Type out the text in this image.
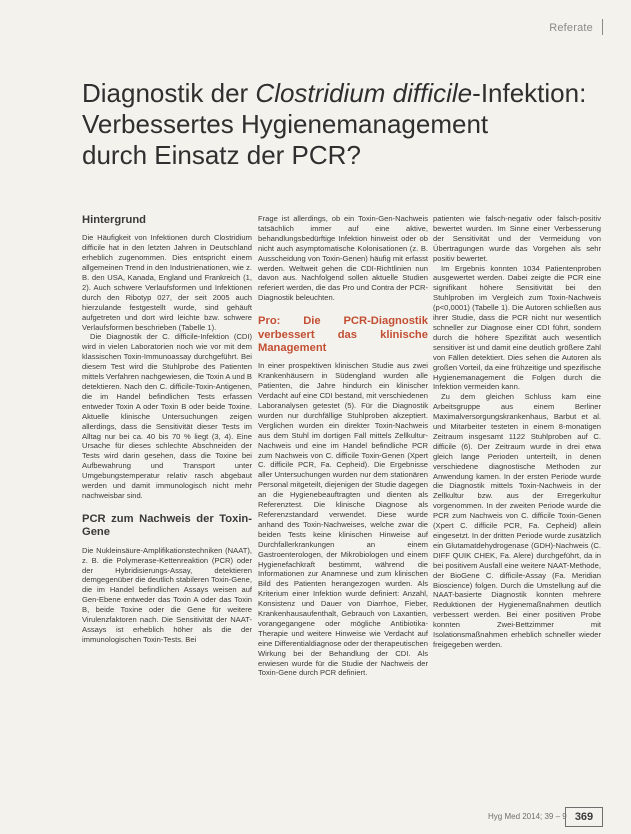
Referate
Diagnostik der Clostridium difficile-Infektion:
Verbessertes Hygienemanagement
durch Einsatz der PCR?
Hintergrund

Die Häufigkeit von Infektionen durch Clostridium difficile hat in den letzten Jahren in Deutschland erheblich zugenommen. Dies entspricht einem allgemeinen Trend in den Industrienationen, wie z. B. den USA, Kanada, England und Frankreich (1, 2). Auch schwere Verlaufsformen und Infektionen durch den Ribotyp 027, der seit 2005 auch hierzulande festgestellt wurde, sind gehäuft aufgetreten und dort wird leichte bzw. schwere Verlaufsformen beschrieben (Tabelle 1).

Die Diagnostik der C. difficile-Infektion (CDI) wird in vielen Laboratorien noch wie vor mit dem klassischen Toxin-Immunoassay durchgeführt. Bei diesem Test wird die Stuhlprobe des Patienten mittels Verfahren nachgewiesen, die Toxin A und B detektieren. Nach den C. difficile-Toxin-Antigenen, die im Handel befindlichen Tests erfassen entweder Toxin A oder Toxin B oder beide Toxine. Aktuelle klinische Untersuchungen zeigen allerdings, dass die Sensitivität dieser Tests im Alltag nur bei ca. 40 bis 70 % liegt (3, 4). Eine Ursache für dieses schlechte Abschneiden der Tests wird darin gesehen, dass die Toxine bei Aufbewahrung und Transport unter Umgebungstemperatur relativ rasch abgebaut werden und damit immunologisch nicht mehr nachweisbar sind.

PCR zum Nachweis der Toxin-Gene

Die Nukleinsäure-Amplifikationstechniken (NAAT), z. B. die Polymerase-Kettenreaktion (PCR) oder der Hybridisierungs-Assay, detektieren demgegenüber die deutlich stabileren Toxin-Gene, die im Handel befindlichen Assays weisen auf Gen-Ebene entweder das Toxin A oder das Toxin B, beide Toxine oder die Gene für weitere Virulenzfaktoren nach. Die Sensitivität der NAAT-Assays ist erheblich höher als die der immunologischen Toxin-Tests. Bei

Frage ist allerdings, ob ein Toxin-Gen-Nachweis tatsächlich immer auf eine aktive, behandlungsbedürftige Infektion hinweist oder ob nicht auch asymptomatische Kolonisationen (z. B. Ausscheidung von Toxin-Genen) häufig mit erfasst werden. Weltweit gehen die CDI-Richtlinien nun davon aus. Nachfolgend sollen aktuelle Studien referiert werden, die das Pro und Contra der PCR-Diagnostik beleuchten.

Pro: Die PCR-Diagnostik verbessert das klinische Management

In einer prospektiven klinischen Studie aus zwei Krankenhäusern in Südengland wurden alle Patienten, die Jahre hindurch ein klinischer Verdacht auf eine CDI bestand, mit verschiedenen Laboranalysen getestet (5). Für die Diagnostik wurden nur durchfällige Stuhlproben akzeptiert. Verglichen wurden ein direkter Toxin-Nachweis aus dem Stuhl im dortigen Fall mittels Zellkultur-Nachweis und eine im Handel befindliche PCR zum Nachweis von C. difficile Toxin-Genen (Xpert C. difficile PCR, Fa. Cepheid). Die Ergebnisse aller Untersuchungen wurden nur dem stationären Personal mitgeteilt, diejenigen der Studie dagegen an die Hygienebeauftragten und dienten als Referenztest. Die klinische Diagnose als Referenzstandard verwendet. Diese wurde anhand des Toxin-Nachweises, welche zwar die beiden Tests keine klinischen Hinweise auf Durchfallerkrankungen an einem Gastroenterologen, der Mikrobiologen und einem Hygienefachkraft bestimmt, während die Informationen zur Anamnese und zum klinischen Bild des Patienten herangezogen wurden. Als Kriterium einer Infektion wurde definiert: Anzahl, Konsistenz und Dauer von Diarrhoe, Fieber, Krankenhausaufenthalt, Gebrauch von Laxantien, vorangegangene oder mögliche Antibiotika-Therapie und weitere Hinweise wie Verdacht auf eine Differentialdiagnose oder der therapeutischen Wirkung bei der Behandlung der CDI. Als erwiesen wurde für die Studie der Nachweis der Toxin-Gene durch PCR definiert.

patienten wie falsch-negativ oder falsch-positiv bewertet wurden. Im Sinne einer Verbesserung der Sensitivität und der Vermeidung von Übertragungen wurde das Vorgehen als sehr positiv bewertet.

Im Ergebnis konnten 1034 Patientenproben ausgewertet werden. Dabei zeigte die PCR eine signifikant höhere Sensitivität bei den Stuhlproben im Vergleich zum Toxin-Nachweis (p<0,0001) (Tabelle 1). Die Autoren schließen aus ihrer Studie, dass die PCR nicht nur wesentlich schneller zur Diagnose einer CDI führt, sondern durch die höhere Spezifität auch wesentlich sensitiver ist und damit eine deutlich größere Zahl von Fällen detektiert. Dies sehen die Autoren als großen Vorteil, da eine frühzeitige und spezifische Hygienemanagement die Folgen durch die Infektion vermeiden kann.

Zu dem gleichen Schluss kam eine Arbeitsgruppe aus einem Berliner Maximalversorgungskrankenhaus, Barbut et al. und Mitarbeiter testeten in einem 8-monatigen Zeitraum insgesamt 1122 Stuhlproben auf C. difficile (6). Der Zeitraum wurde in drei etwa gleich lange Perioden unterteilt, in denen verschiedene diagnostische Methoden zur Anwendung kamen. In der ersten Periode wurde die Diagnostik mittels Toxin-Nachweis in der Zellkultur bzw. aus der Erregerkultur vorgenommen. In der zweiten Periode wurde die PCR zum Nachweis von C. difficile Toxin-Genen (Xpert C. difficile PCR, Fa. Cepheid) allein eingesetzt. In der dritten Periode wurde zusätzlich ein Glutamatdehydrogenase (GDH)-Nachweis (C. DIFF QUIK CHEK, Fa. Alere) durchgeführt, da in bei positivem Ausfall eine weitere NAAT-Methode, der BioGene C. difficile-Assay (Fa. Meridian Bioscience) folgen. Durch die Umstellung auf die NAAT-basierte Diagnostik konnten mehrere Reduktionen der Hygienemaßnahmen deutlich verbessert werden. Bei einer positiven Probe konnten Zwei-Bettzimmer mit Isolationsmaßnahmen erheblich schneller wieder freigegeben werden.

Hyg Med 2014; 39 – 9 369
